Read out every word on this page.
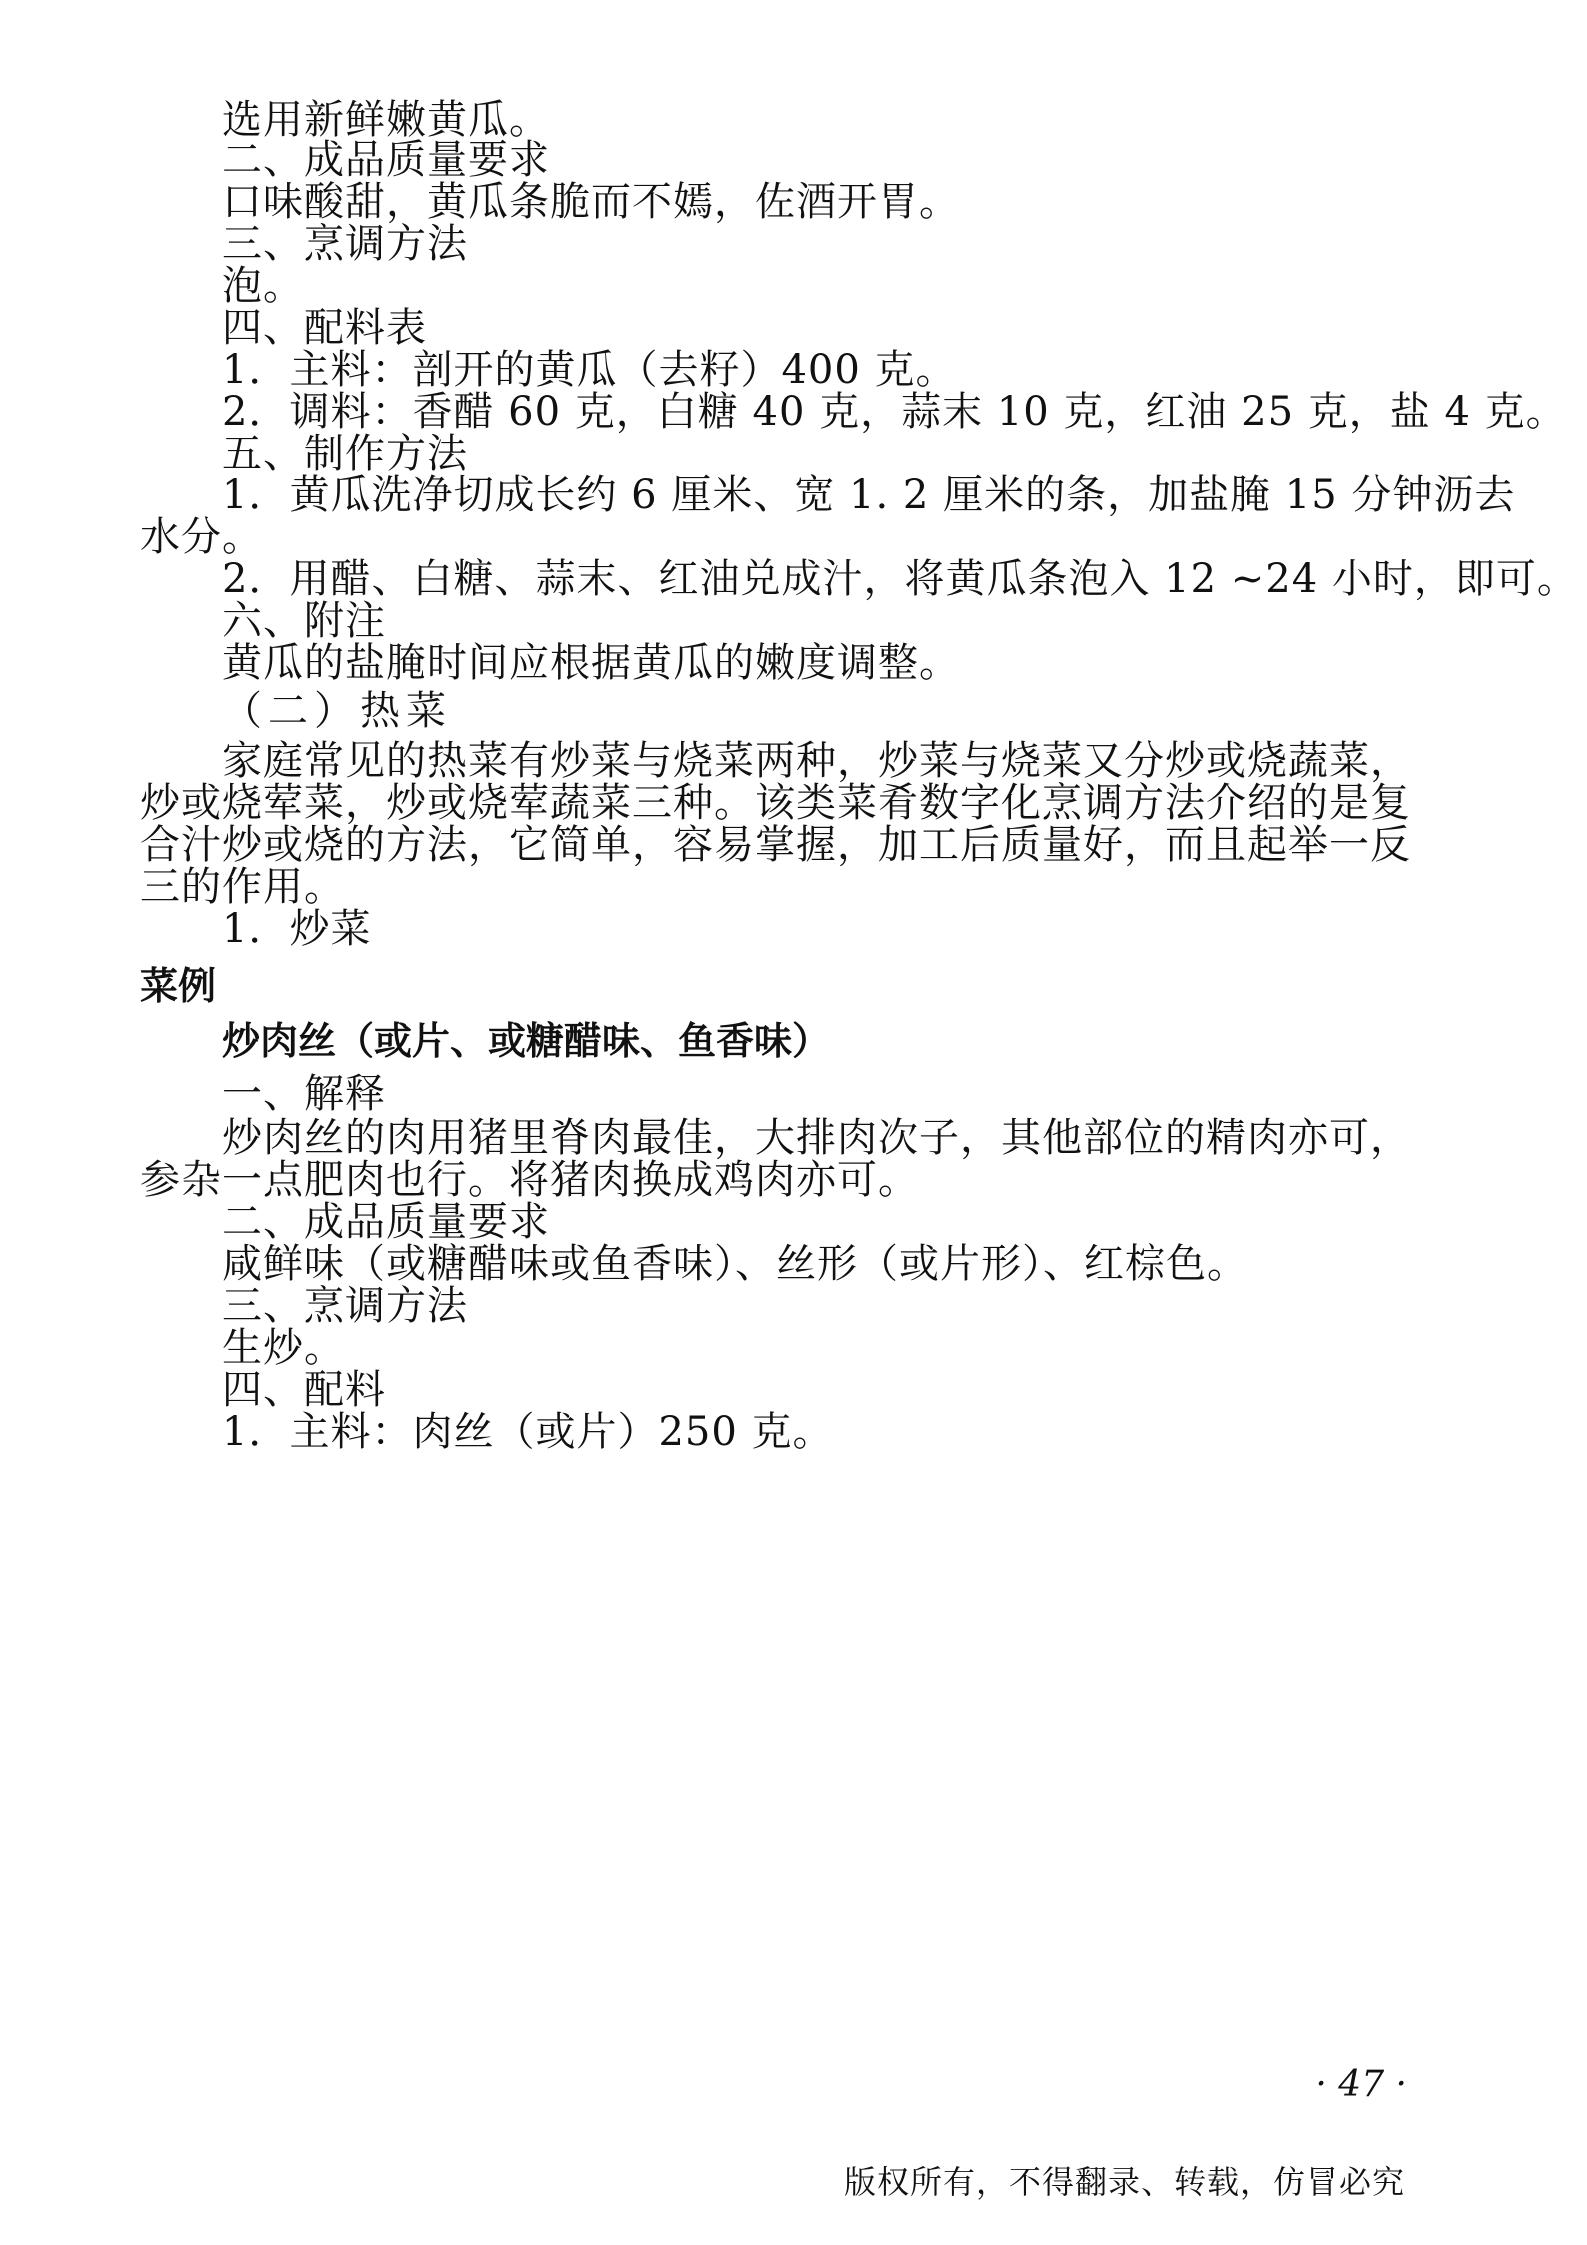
选用新鲜嫩黄瓜。
二、成品质量要求
口味酸甜，黄瓜条脆而不嫣，佐酒开胃。
三、烹调方法
泡。
四、配料表
1．主料：剖开的黄瓜（去籽）400 克。
2．调料：香醋 60 克，白糖 40 克，蒜末 10 克，红油 25 克，盐 4 克。
五、制作方法
1．黄瓜洗净切成长约 6 厘米、宽 1. 2 厘米的条，加盐腌 15 分钟沥去
水分。
2．用醋、白糖、蒜末、红油兑成汁，将黄瓜条泡入 12 ~24 小时，即可。
六、附注
黄瓜的盐腌时间应根据黄瓜的嫩度调整。
（二）热菜
家庭常见的热菜有炒菜与烧菜两种，炒菜与烧菜又分炒或烧蔬菜，
炒或烧荤菜，炒或烧荤蔬菜三种。该类菜肴数字化烹调方法介绍的是复
合汁炒或烧的方法，它简单，容易掌握，加工后质量好，而且起举一反
三的作用。
1．炒菜
菜例
炒肉丝（或片、或糖醋味、鱼香味）
一、解释
炒肉丝的肉用猪里脊肉最佳，大排肉次子，其他部位的精肉亦可，
参杂一点肥肉也行。将猪肉换成鸡肉亦可。
二、成品质量要求
咸鲜味（或糖醋味或鱼香味）、丝形（或片形）、红棕色。
三、烹调方法
生炒。
四、配料
1．主料：肉丝（或片）250 克。
· 47 ·
版权所有，不得翻录、转载，仿冒必究
